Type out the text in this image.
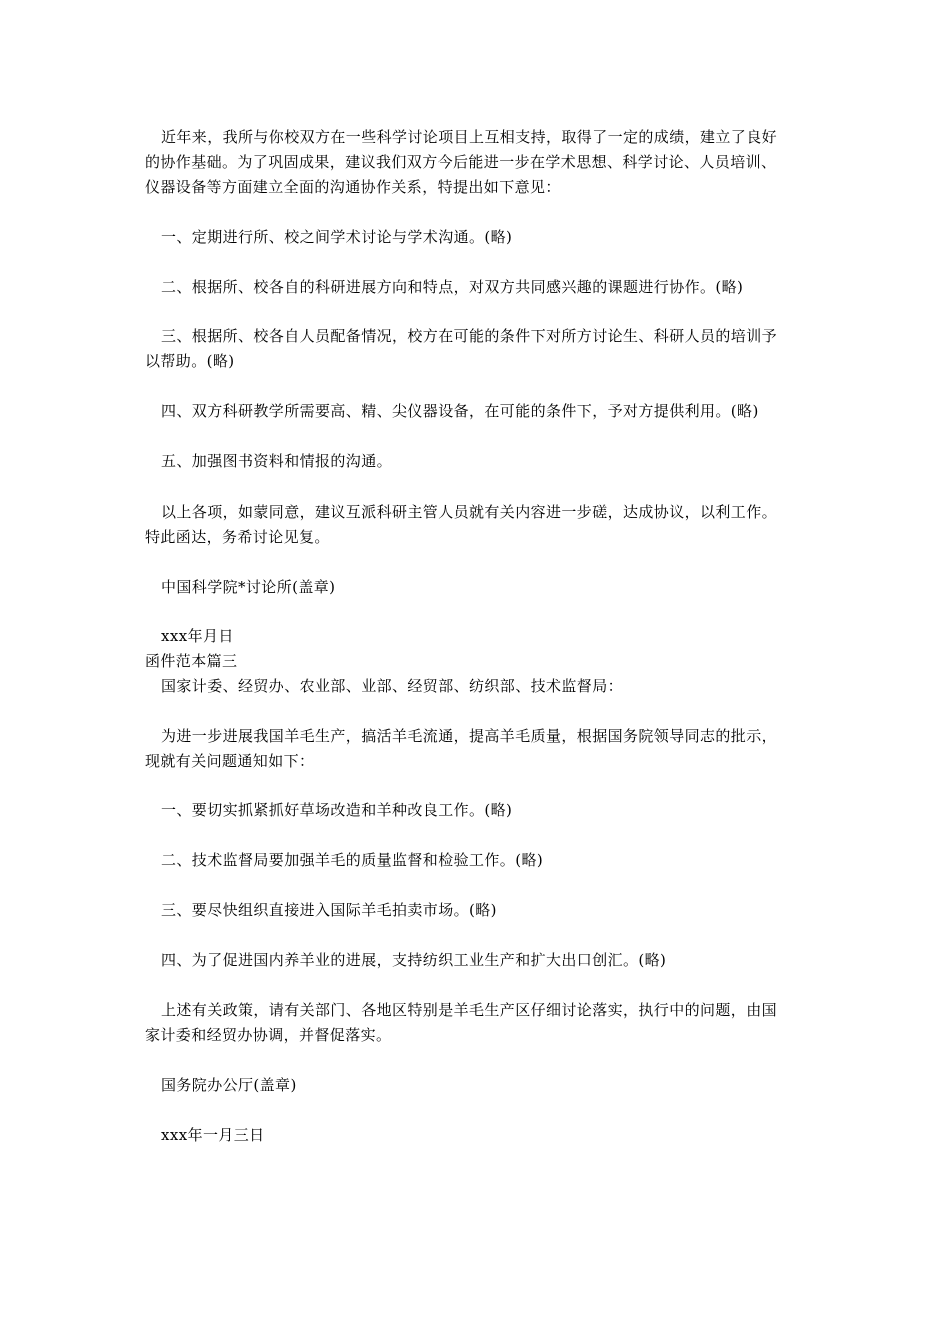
近年来，我所与你校双方在一些科学讨论项目上互相支持，取得了一定的成绩，建立了良好
的协作基础。为了巩固成果，建议我们双方今后能进一步在学术思想、科学讨论、人员培训、
仪器设备等方面建立全面的沟通协作关系，特提出如下意见：
一、定期进行所、校之间学术讨论与学术沟通。(略)
二、根据所、校各自的科研进展方向和特点，对双方共同感兴趣的课题进行协作。(略)
三、根据所、校各自人员配备情况，校方在可能的条件下对所方讨论生、科研人员的培训予
以帮助。(略)
四、双方科研教学所需要高、精、尖仪器设备，在可能的条件下，予对方提供利用。(略)
五、加强图书资料和情报的沟通。
以上各项，如蒙同意，建议互派科研主管人员就有关内容进一步磋，达成协议，以利工作。
特此函达，务希讨论见复。
中国科学院*讨论所(盖章)
xxx年月日
函件范本篇三
国家计委、经贸办、农业部、业部、经贸部、纺织部、技术监督局：
为进一步进展我国羊毛生产，搞活羊毛流通，提高羊毛质量，根据国务院领导同志的批示，
现就有关问题通知如下：
一、要切实抓紧抓好草场改造和羊种改良工作。(略)
二、技术监督局要加强羊毛的质量监督和检验工作。(略)
三、要尽快组织直接进入国际羊毛拍卖市场。(略)
四、为了促进国内养羊业的进展，支持纺织工业生产和扩大出口创汇。(略)
上述有关政策，请有关部门、各地区特别是羊毛生产区仔细讨论落实，执行中的问题，由国
家计委和经贸办协调，并督促落实。
国务院办公厅(盖章)
xxx年一月三日
